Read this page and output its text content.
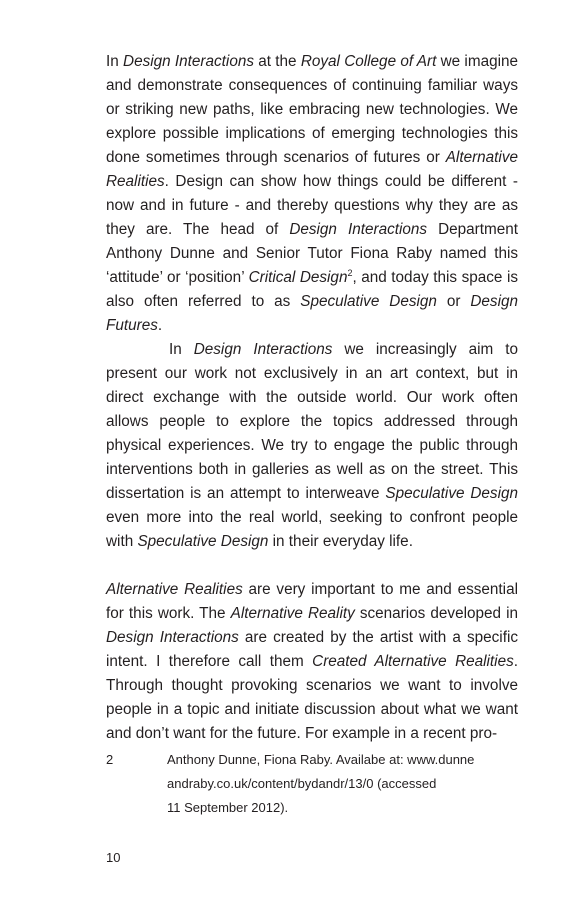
In Design Interactions at the Royal College of Art we imagine and demonstrate consequences of continuing familiar ways or striking new paths, like embracing new technologies. We explore possible implications of emerging technologies this done sometimes through scenarios of futures or Alternative Realities. Design can show how things could be different - now and in future - and thereby questions why they are as they are. The head of Design Interactions Department Anthony Dunne and Senior Tutor Fiona Raby named this ‘attitude’ or ‘position’ Critical Design$^2$, and today this space is also often referred to as Speculative Design or Design Futures.

In Design Interactions we increasingly aim to present our work not exclusively in an art context, but in direct exchange with the outside world. Our work often allows people to explore the topics addressed through physical experiences. We try to engage the public through interventions both in galleries as well as on the street. This dissertation is an attempt to interweave Speculative Design even more into the real world, seeking to confront people with Speculative Design in their everyday life.

Alternative Realities are very important to me and essential for this work. The Alternative Reality scenarios developed in Design Interactions are created by the artist with a specific intent. I therefore call them Created Alternative Realities. Through thought provoking scenarios we want to involve people in a topic and initiate discussion about what we want and don’t want for the future. For example in a recent pro-

2	Anthony Dunne, Fiona Raby. Availabe at: www.dunne
andraby.co.uk/content/bydandr/13/0 (accessed
11 September 2012).
10
